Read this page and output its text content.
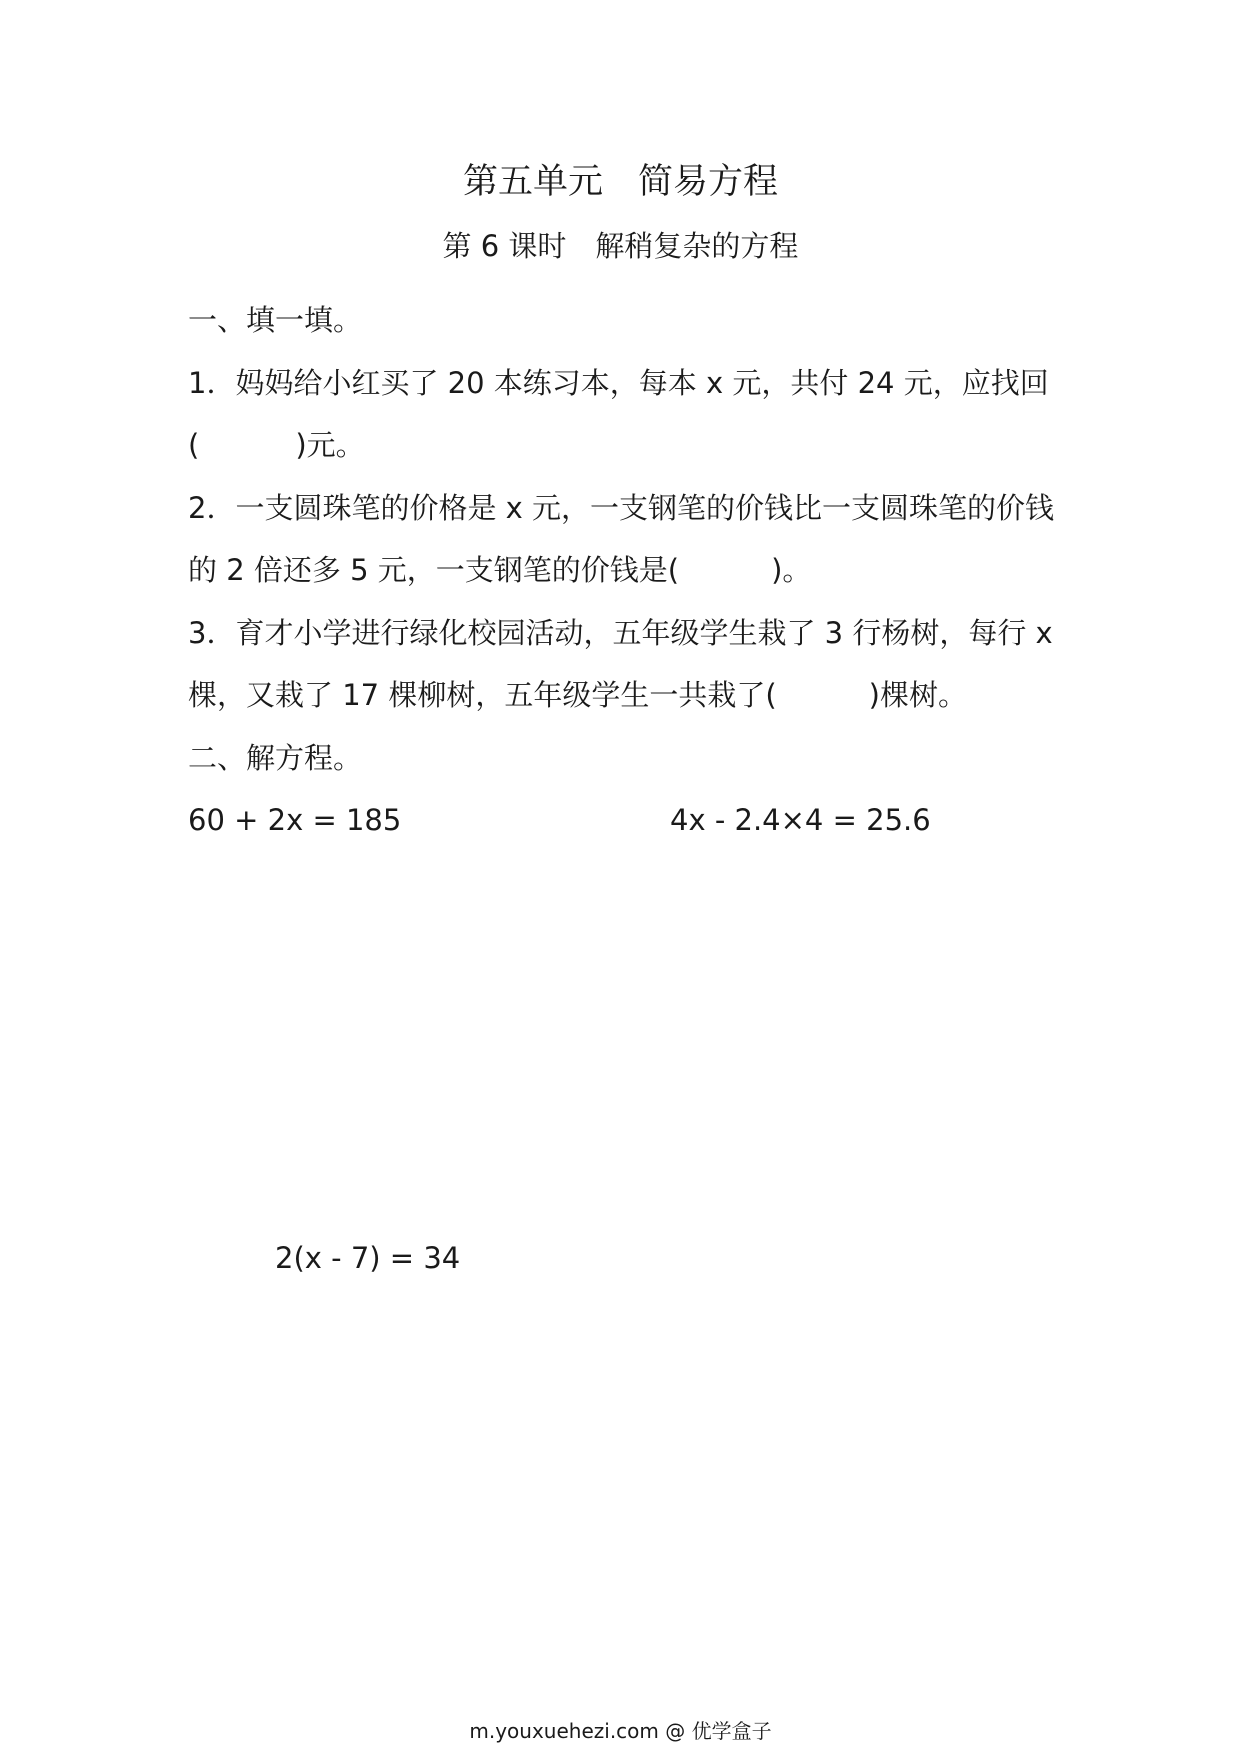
第五单元　简易方程
第 6 课时　解稍复杂的方程
一、填一填。
1．妈妈给小红买了 20 本练习本，每本 x 元，共付 24 元，应找回
(	)元。
2．一支圆珠笔的价格是 x 元，一支钢笔的价钱比一支圆珠笔的价钱
的 2 倍还多 5 元，一支钢笔的价钱是(	)。
3．育才小学进行绿化校园活动，五年级学生栽了 3 行杨树，每行 x
棵，又栽了 17 棵柳树，五年级学生一共栽了(	)棵树。
二、解方程。
60 + 2x = 185	4x - 2.4×4 = 25.6
2(x - 7) = 34
m.youxuehezi.com @ 优学盒子
